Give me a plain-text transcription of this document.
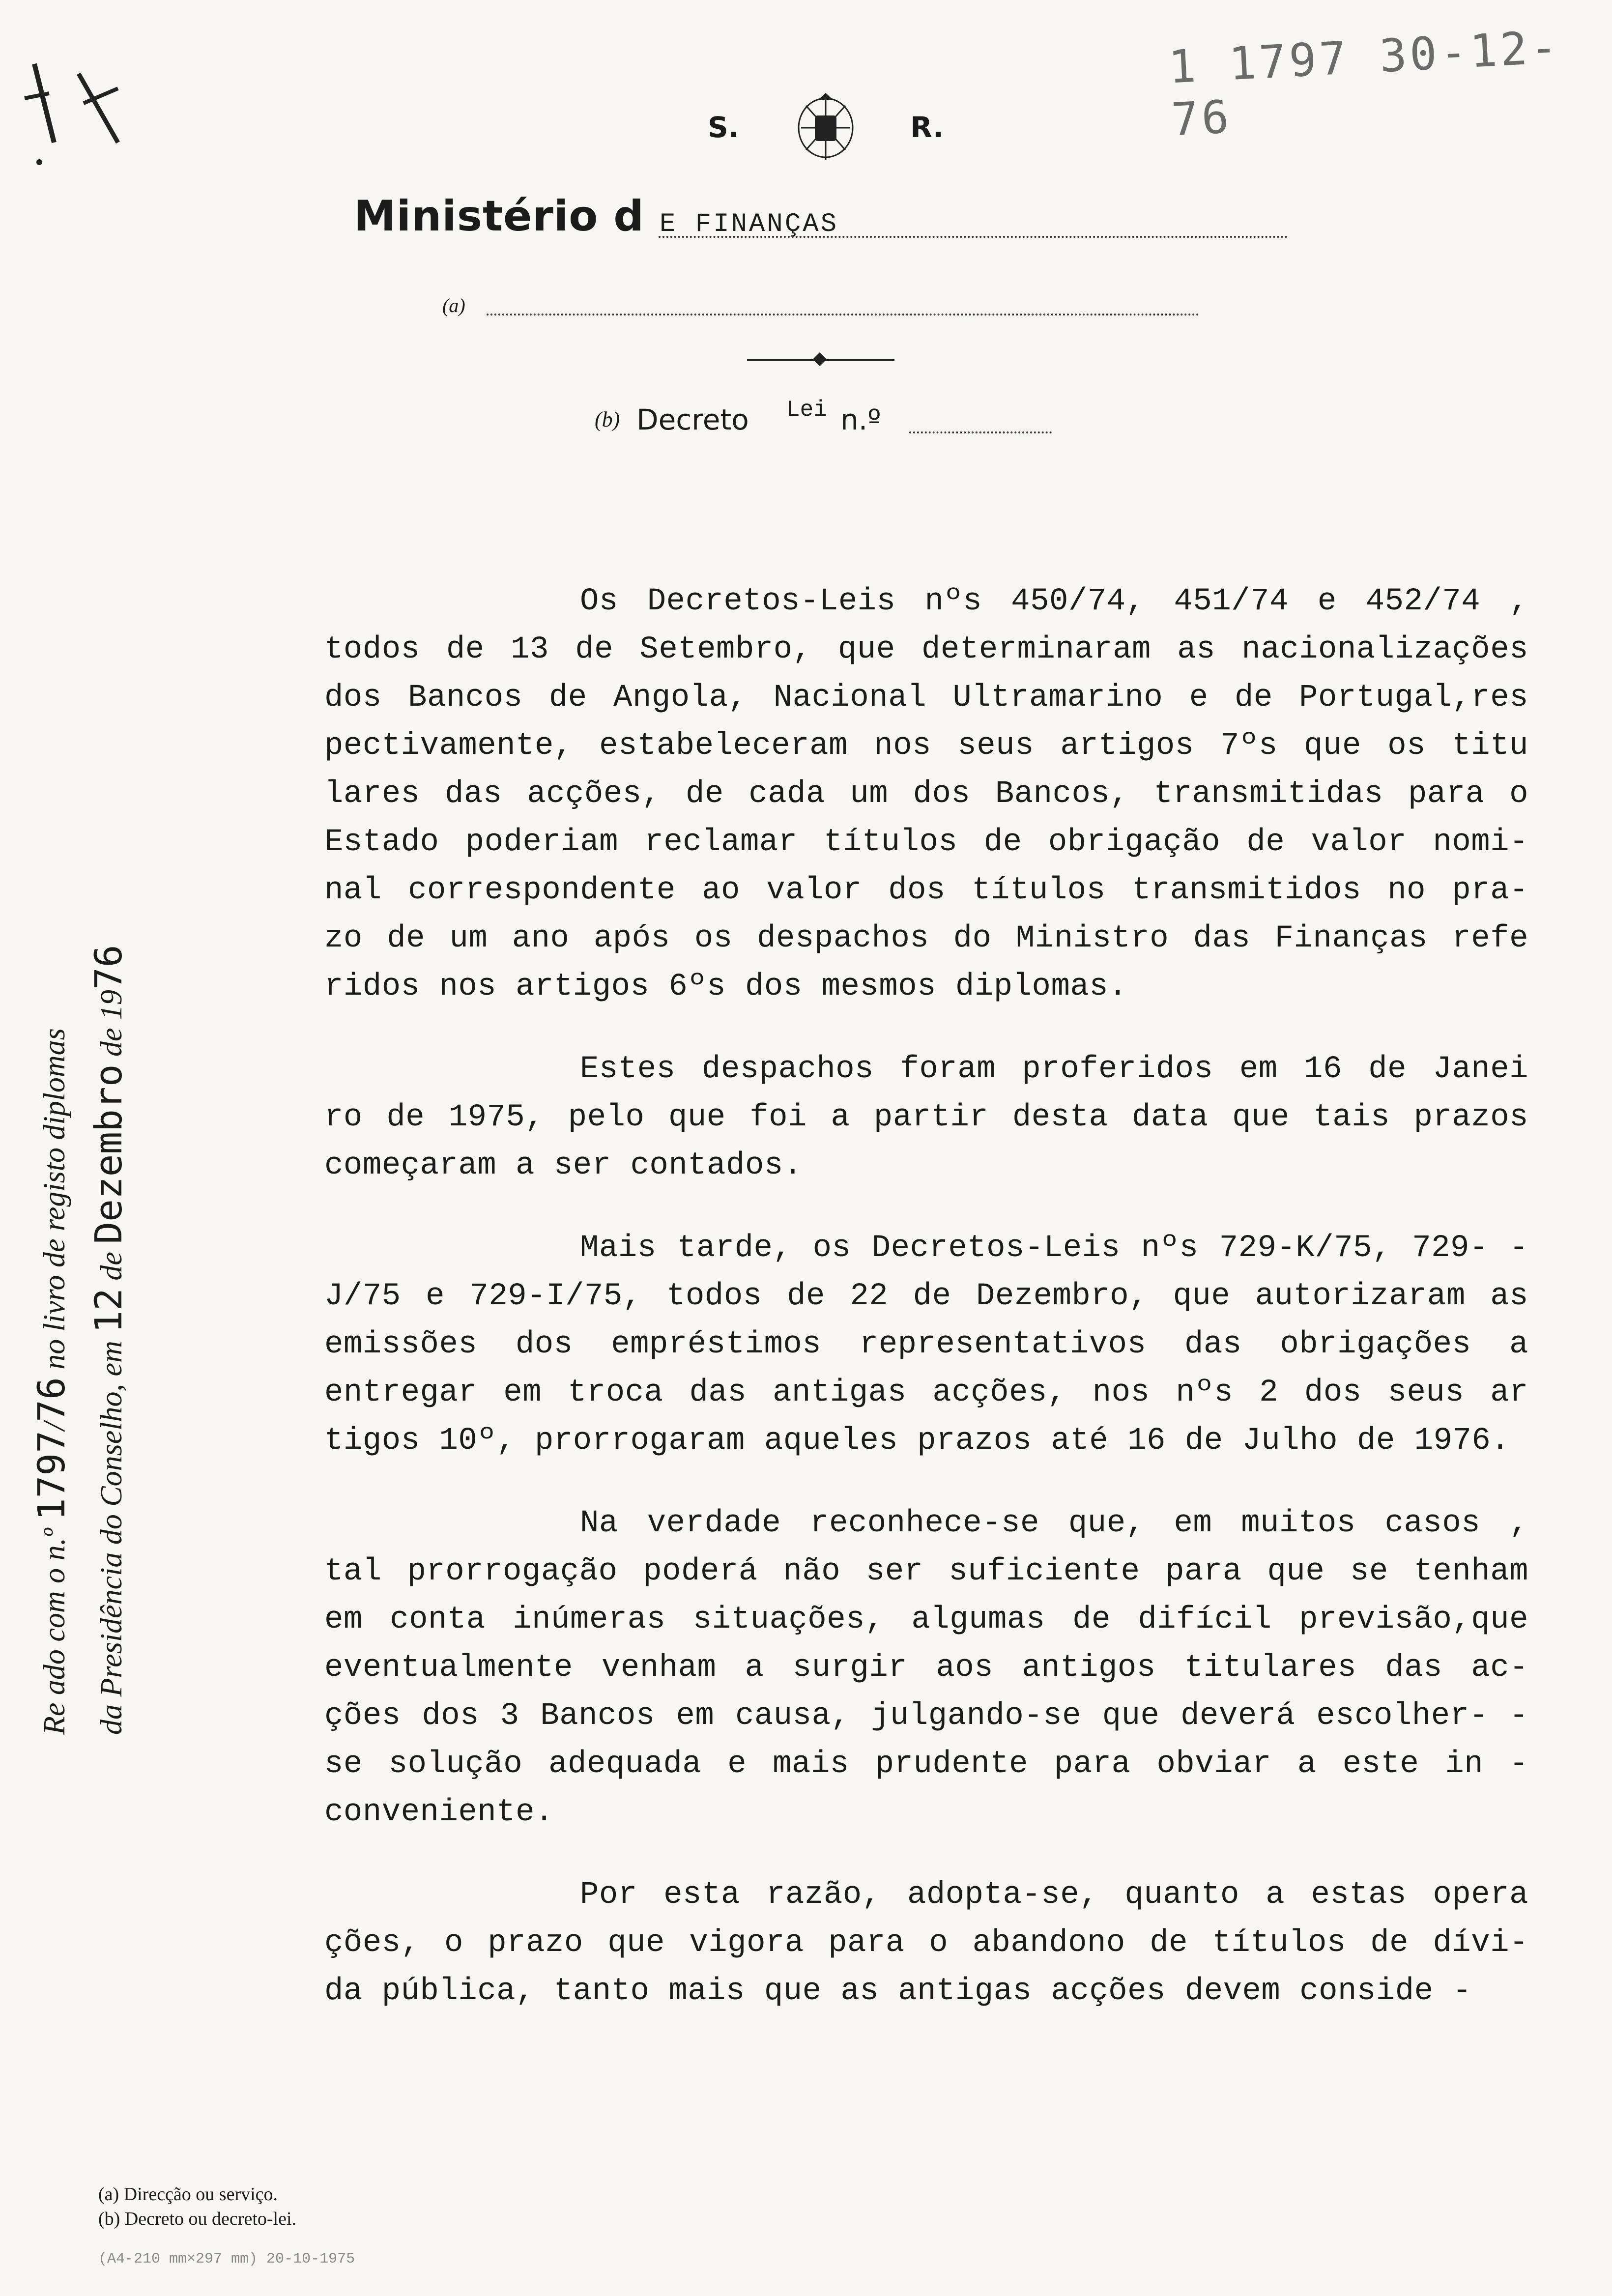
1 1797 30-12-76
S.	R.
Ministério d E FINANÇAS
(a)
(b) Decreto Lei n.º

Os Decretos-Leis nºs 450/74, 451/74 e 452/74 , todos de 13 de Setembro, que determinaram as nacionalizações dos Bancos de Angola, Nacional Ultramarino e de Portugal,res pectivamente, estabeleceram nos seus artigos 7ºs que os titu lares das acções, de cada um dos Bancos, transmitidas para o Estado poderiam reclamar títulos de obrigação de valor nomi- nal correspondente ao valor dos títulos transmitidos no pra- zo de um ano após os despachos do Ministro das Finanças refe ridos nos artigos 6ºs dos mesmos diplomas.

Estes despachos foram proferidos em 16 de Janei ro de 1975, pelo que foi a partir desta data que tais prazos começaram a ser contados.

Mais tarde, os Decretos-Leis nºs 729-K/75, 729- -J/75 e 729-I/75, todos de 22 de Dezembro, que autorizaram as emissões dos empréstimos representativos das obrigações a entregar em troca das antigas acções, nos nºs 2 dos seus ar tigos 10º, prorrogaram aqueles prazos até 16 de Julho de 1976.

Na verdade reconhece-se que, em muitos casos , tal prorrogação poderá não ser suficiente para que se tenham em conta inúmeras situações, algumas de difícil previsão,que eventualmente venham a surgir aos antigos titulares das ac- ções dos 3 Bancos em causa, julgando-se que deverá escolher- -se solução adequada e mais prudente para obviar a este in - conveniente.

Por esta razão, adopta-se, quanto a estas opera ções, o prazo que vigora para o abandono de títulos de dívi- da pública, tanto mais que as antigas acções devem conside -

Re ado com o n.º 1797/76 no livro de registo diplomas
da Presidência do Conselho, em 12 de Dezembro de 1976
(a) Direcção ou serviço.
(b) Decreto ou decreto-lei.
(A4-210 mm×297 mm) 20-10-1975
